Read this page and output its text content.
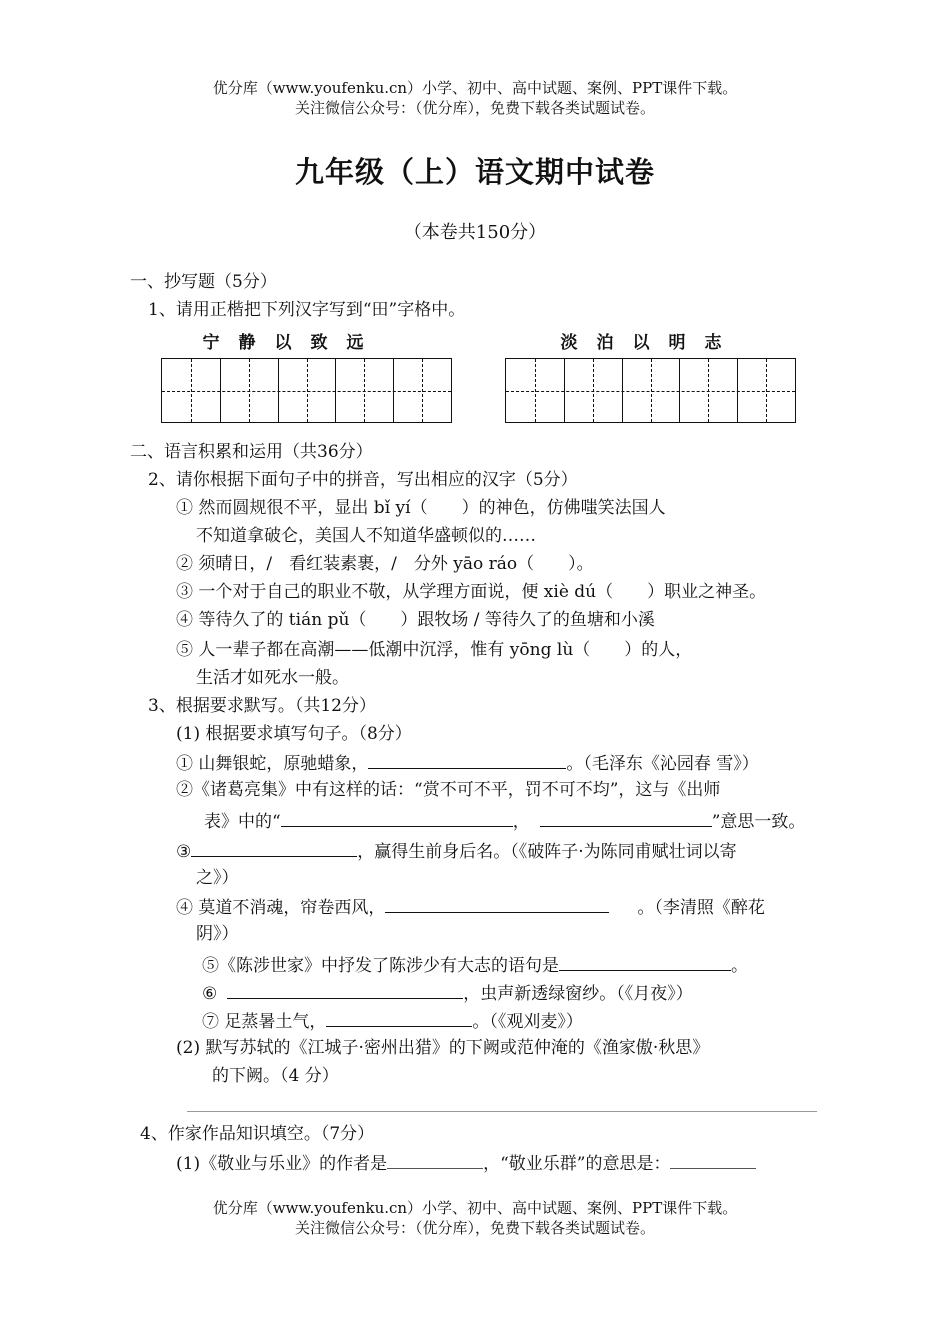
优分库（www.youfenku.cn）小学、初中、高中试题、案例、PPT课件下载。
关注微信公众号：（优分库），免费下载各类试题试卷。
九年级（上）语文期中试卷
（本卷共150分）
一、抄写题（5分）
1、请用正楷把下列汉字写到“田”字格中。
宁 静 以 致 远	淡 泊 以 明 志
二、语言积累和运用（共36分）
2、请你根据下面句子中的拼音，写出相应的汉字（5分）
① 然而圆规很不平，显出 bǐ yí（　　）的神色，仿佛嗤笑法国人
不知道拿破仑，美国人不知道华盛顿似的……
② 须晴日，/　看红装素裹，/　分外 yāo ráo（　　）。
③ 一个对于自己的职业不敬，从学理方面说，便 xiè dú（　　）职业之神圣。
④ 等待久了的 tián pǔ（　　）跟牧场 / 等待久了的鱼塘和小溪
⑤ 人一辈子都在高潮——低潮中沉浮，惟有 yōng lù（　　）的人，
生活才如死水一般。
3、根据要求默写。（共12分）
(1) 根据要求填写句子。（8分）
① 山舞银蛇，原驰蜡象，	。（毛泽东《沁园春 雪》）
②《诸葛亮集》中有这样的话：“赏不可不平，罚不可不均”，这与《出师
表》中的“	，	”意思一致。
③	，赢得生前身后名。（《破阵子·为陈同甫赋壮词以寄
之》）
④ 莫道不消魂，帘卷西风，	。（李清照《醉花
阴》）
⑤《陈涉世家》中抒发了陈涉少有大志的语句是	。
⑥	，虫声新透绿窗纱。（《月夜》）
⑦ 足蒸暑土气，	。（《观刈麦》）
(2) 默写苏轼的《江城子·密州出猎》的下阙或范仲淹的《渔家傲·秋思》
的下阙。（4 分）
4、作家作品知识填空。（7分）
(1)《敬业与乐业》的作者是	，“敬业乐群”的意思是：
优分库（www.youfenku.cn）小学、初中、高中试题、案例、PPT课件下载。
关注微信公众号：（优分库），免费下载各类试题试卷。
